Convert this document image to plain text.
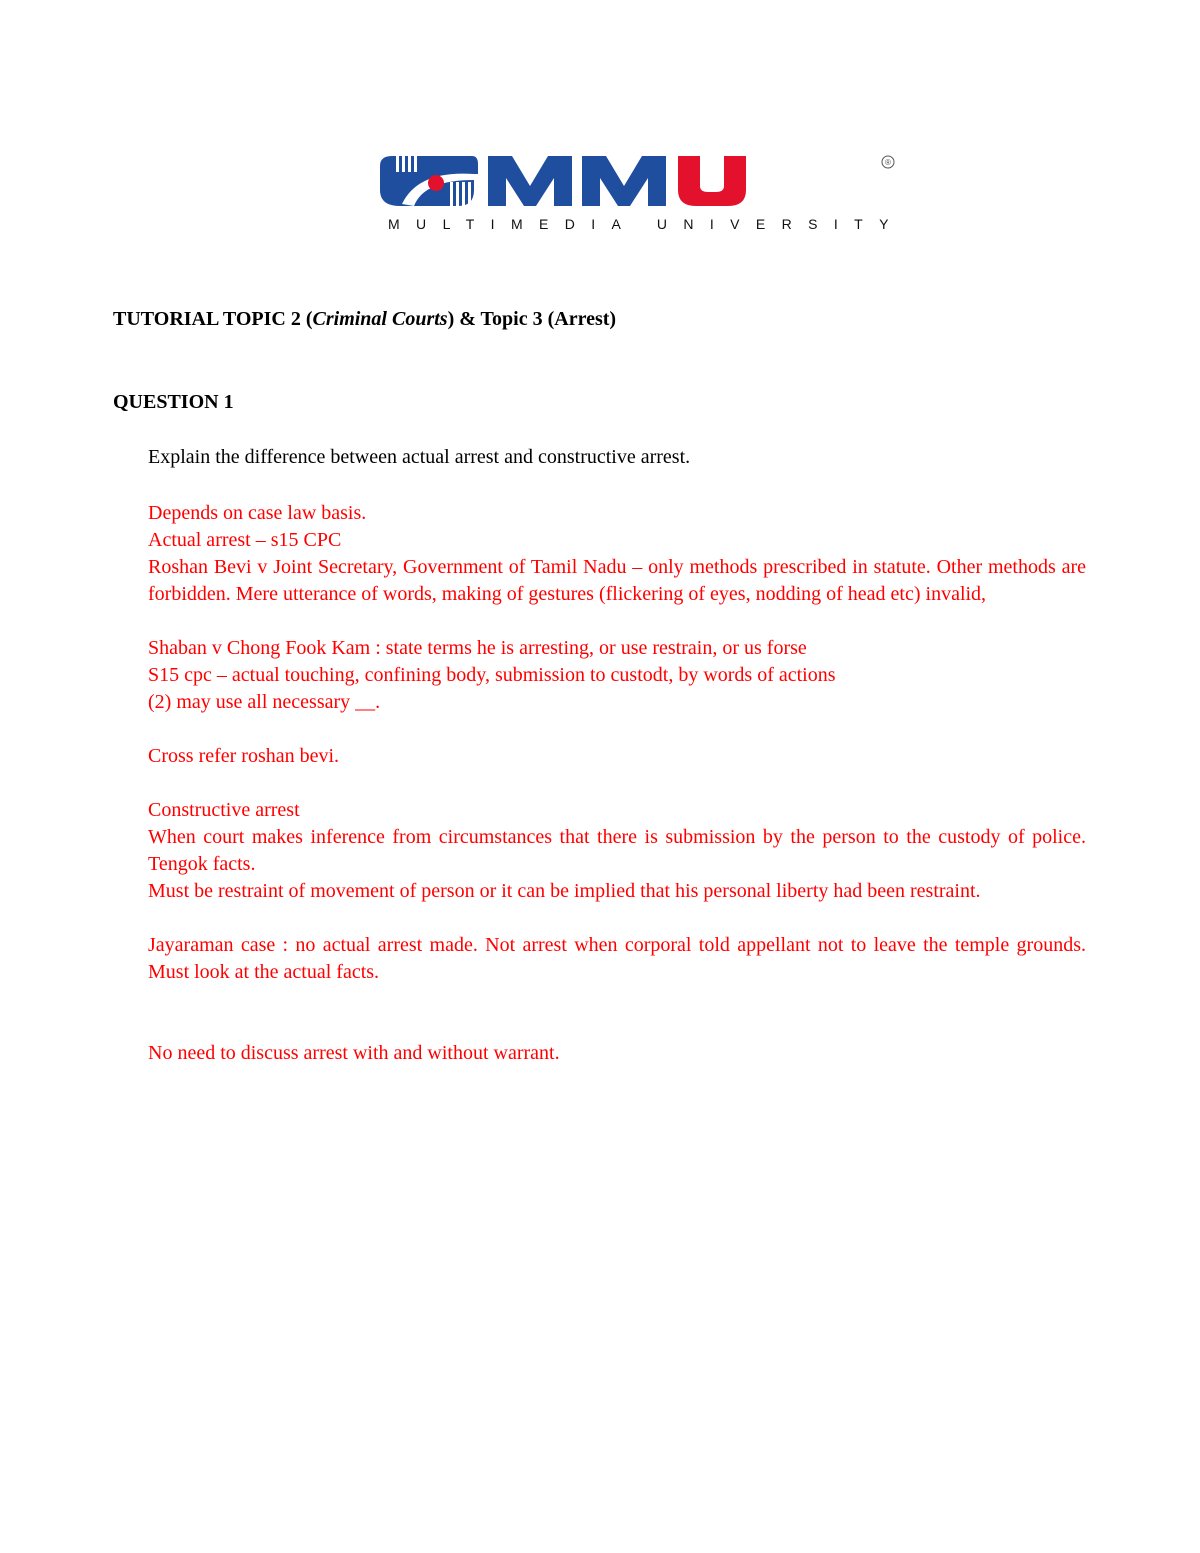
®
MULTIMEDIA UNIVERSITY
TUTORIAL TOPIC 2 (Criminal Courts) & Topic 3 (Arrest)
QUESTION 1
Explain the difference between actual arrest and constructive arrest.

Depends on case law basis.

Actual arrest – s15 CPC

Roshan Bevi v Joint Secretary, Government of Tamil Nadu – only methods prescribed in statute. Other methods are forbidden. Mere utterance of words, making of gestures (flickering of eyes, nodding of head etc) invalid,

Shaban v Chong Fook Kam : state terms he is arresting, or use restrain, or us forse

S15 cpc – actual touching, confining body, submission to custodt, by words of actions

(2) may use all necessary __.

Cross refer roshan bevi.

Constructive arrest

When court makes inference from circumstances that there is submission by the person to the custody of police. Tengok facts.

Must be restraint of movement of person or it can be implied that his personal liberty had been restraint.

Jayaraman case : no actual arrest made. Not arrest when corporal told appellant not to leave the temple grounds. Must look at the actual facts.

No need to discuss arrest with and without warrant.
